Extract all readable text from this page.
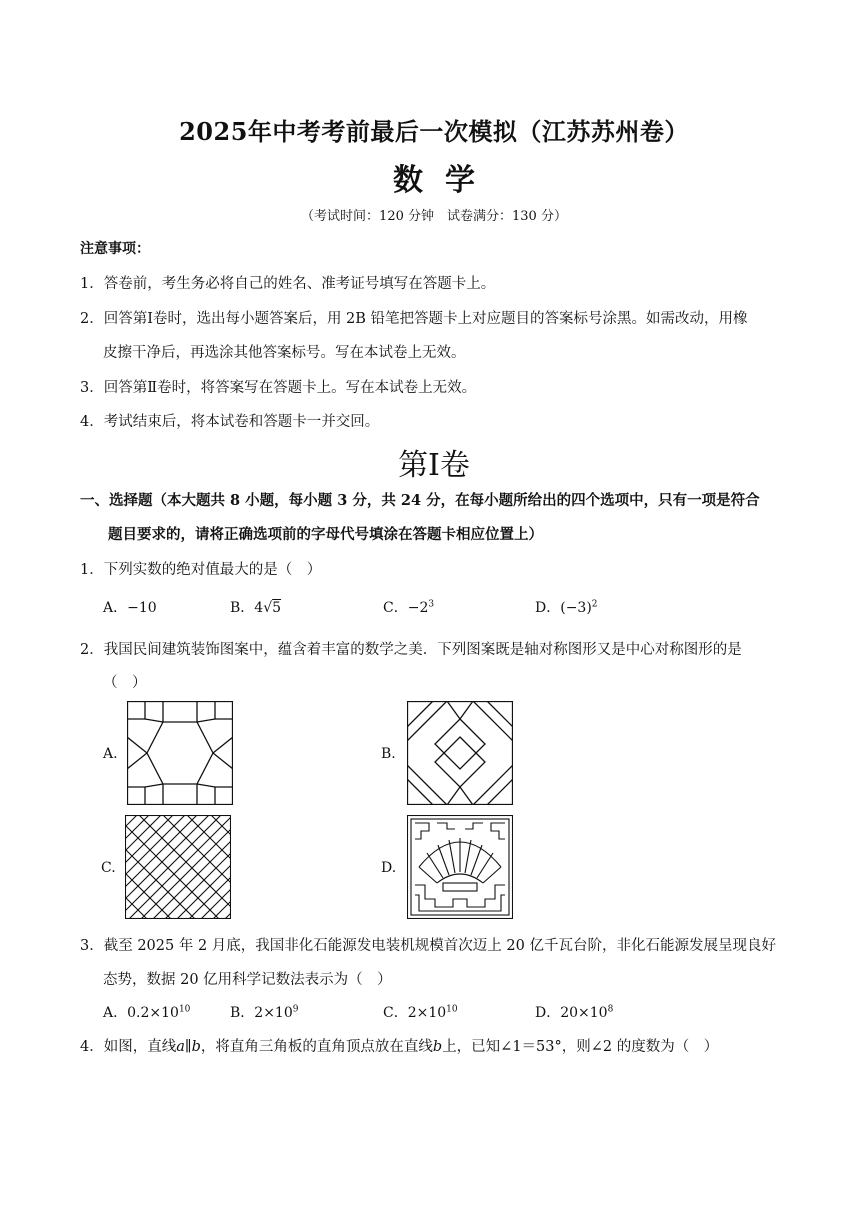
2025年中考考前最后一次模拟（江苏苏州卷）
数学
（考试时间：120 分钟　试卷满分：130 分）
注意事项：
1．答卷前，考生务必将自己的姓名、准考证号填写在答题卡上。
2．回答第Ⅰ卷时，选出每小题答案后，用 2B 铅笔把答题卡上对应题目的答案标号涂黑。如需改动，用橡
皮擦干净后，再选涂其他答案标号。写在本试卷上无效。
3．回答第Ⅱ卷时，将答案写在答题卡上。写在本试卷上无效。
4．考试结束后，将本试卷和答题卡一并交回。
第Ⅰ卷
一、选择题（本大题共 8 小题，每小题 3 分，共 24 分，在每小题所给出的四个选项中，只有一项是符合
题目要求的，请将正确选项前的字母代号填涂在答题卡相应位置上）
1．下列实数的绝对值最大的是（　）
A．−10	B．4√5	C．$-2^3$	D．$(-3)^2$
2．我国民间建筑装饰图案中，蕴含着丰富的数学之美．下列图案既是轴对称图形又是中心对称图形的是
（　）
A.	B.
C.	D.
3．截至 2025 年 2 月底，我国非化石能源发电装机规模首次迈上 20 亿千瓦台阶，非化石能源发展呈现良好
态势，数据 20 亿用科学记数法表示为（　）
A．$0.2\times 10^{10}$	B．$2\times 10^9$	C．$2\times 10^{10}$	D．$20\times 10^8$
4．如图，直线a∥b，将直角三角板的直角顶点放在直线b上，已知∠1＝53°，则∠2 的度数为（　）
